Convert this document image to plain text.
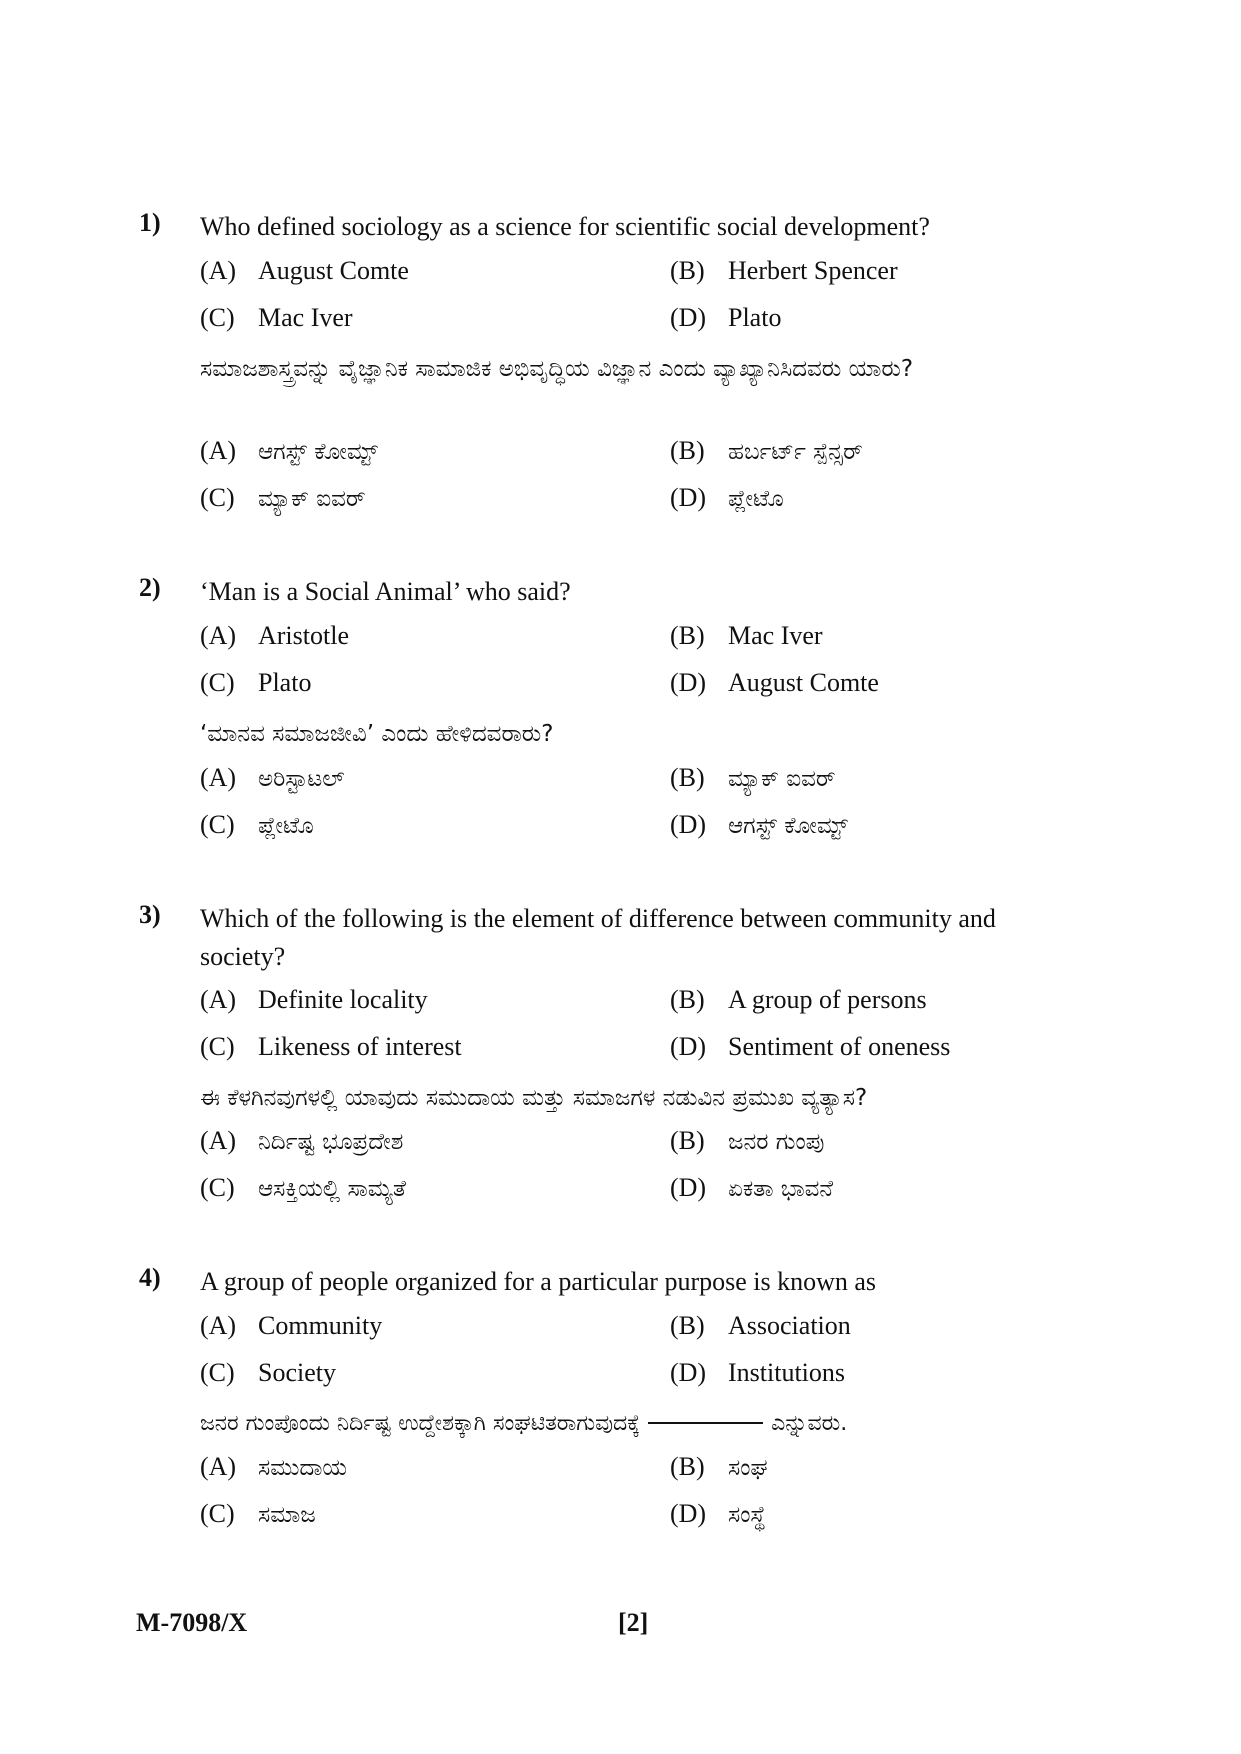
1) Who defined sociology as a science for scientific social development?
(A) August Comte	(B) Herbert Spencer
(C) Mac Iver	(D) Plato
ಸಮಾಜಶಾಸ್ತ್ರವನ್ನು ವೈಜ್ಞಾನಿಕ ಸಾಮಾಜಿಕ ಅಭಿವೃದ್ಧಿಯ ವಿಜ್ಞಾನ ಎಂದು ವ್ಯಾಖ್ಯಾನಿಸಿದವರು ಯಾರು?
(A) ಆಗಸ್ಟ್ ಕೋಮ್ಟ್	(B) ಹರ್ಬರ್ಟ್ ಸ್ಪೆನ್ಸರ್
(C) ಮ್ಯಾಕ್ ಐವರ್	(D) ಪ್ಲೇಟೊ
2) ‘Man is a Social Animal’ who said?
(A) Aristotle	(B) Mac Iver
(C) Plato	(D) August Comte
‘ಮಾನವ ಸಮಾಜಜೀವಿ’ ಎಂದು ಹೇಳಿದವರಾರು?
(A) ಅರಿಸ್ಟಾಟಲ್	(B) ಮ್ಯಾಕ್ ಐವರ್
(C) ಪ್ಲೇಟೊ	(D) ಆಗಸ್ಟ್ ಕೋಮ್ಟ್
3) Which of the following is the element of difference between community and society?
(A) Definite locality	(B) A group of persons
(C) Likeness of interest	(D) Sentiment of oneness
ಈ ಕೆಳಗಿನವುಗಳಲ್ಲಿ ಯಾವುದು ಸಮುದಾಯ ಮತ್ತು ಸಮಾಜಗಳ ನಡುವಿನ ಪ್ರಮುಖ ವ್ಯತ್ಯಾಸ?
(A) ನಿರ್ದಿಷ್ಟ ಭೂಪ್ರದೇಶ	(B) ಜನರ ಗುಂಪು
(C) ಆಸಕ್ತಿಯಲ್ಲಿ ಸಾಮ್ಯತೆ	(D) ಏಕತಾ ಭಾವನೆ
4) A group of people organized for a particular purpose is known as
(A) Community	(B) Association
(C) Society	(D) Institutions
ಜನರ ಗುಂಪೊಂದು ನಿರ್ದಿಷ್ಟ ಉದ್ದೇಶಕ್ಕಾಗಿ ಸಂಘಟಿತರಾಗುವುದಕ್ಕೆ	ಎನ್ನುವರು.
(A) ಸಮುದಾಯ	(B) ಸಂಘ
(C) ಸಮಾಜ	(D) ಸಂಸ್ಥೆ
M-7098/X	[2]
